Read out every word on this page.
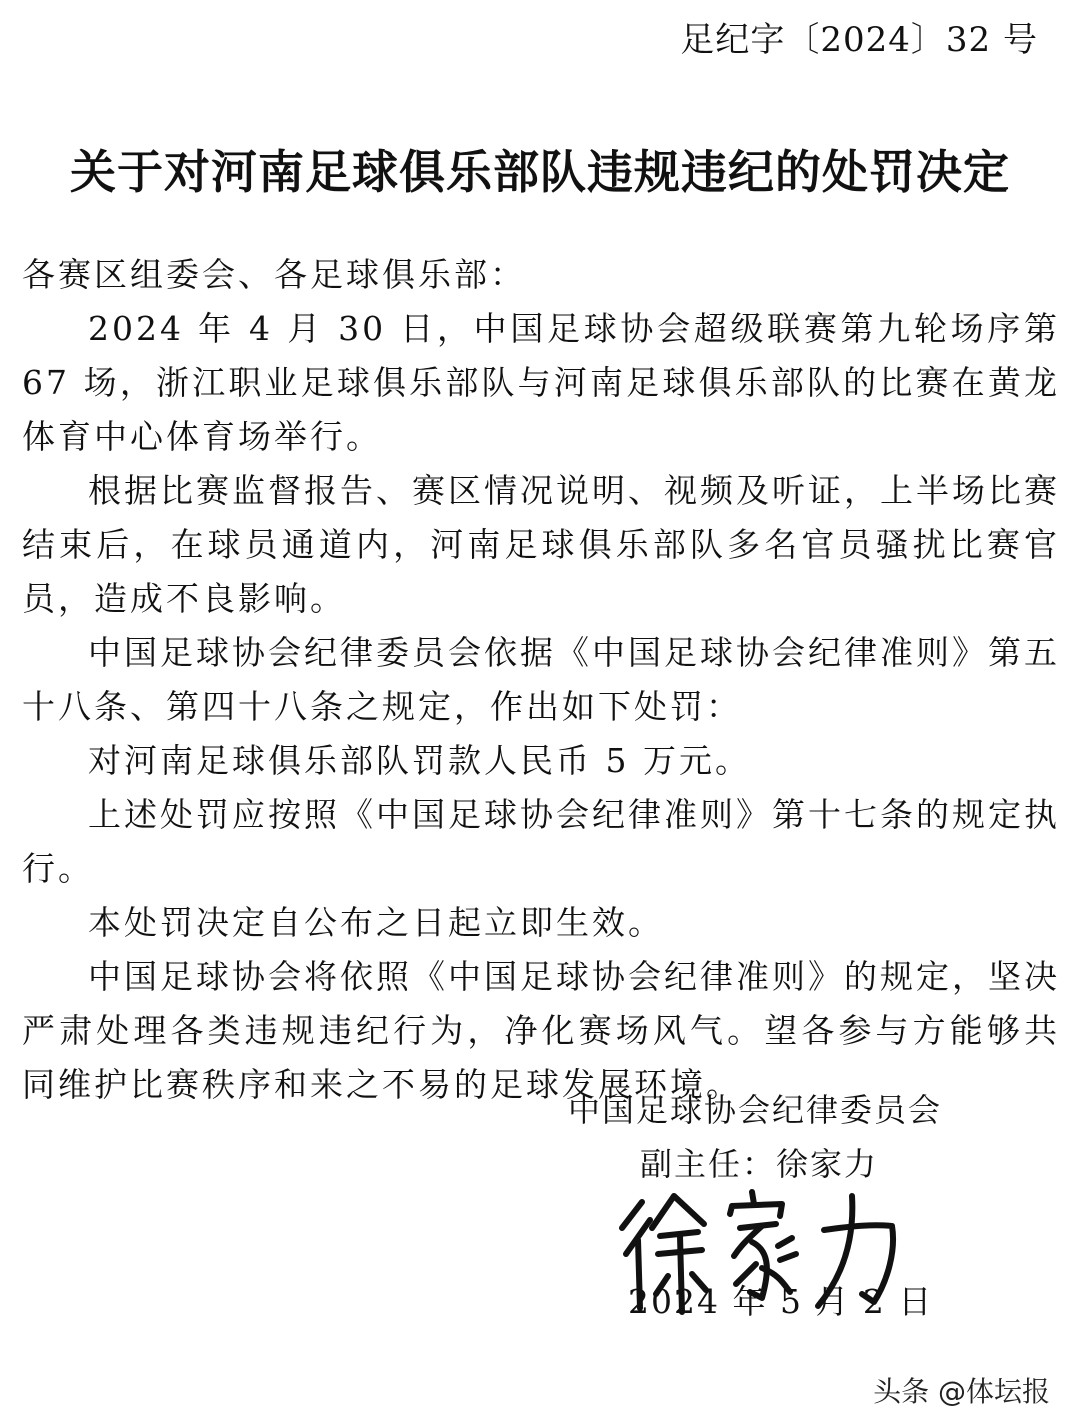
足纪字〔2024〕32 号
关于对河南足球俱乐部队违规违纪的处罚决定

各赛区组委会、各足球俱乐部：

2024 年 4 月 30 日，中国足球协会超级联赛第九轮场序第 67 场，浙江职业足球俱乐部队与河南足球俱乐部队的比赛在黄龙体育中心体育场举行。

根据比赛监督报告、赛区情况说明、视频及听证，上半场比赛结束后，在球员通道内，河南足球俱乐部队多名官员骚扰比赛官员，造成不良影响。

中国足球协会纪律委员会依据《中国足球协会纪律准则》第五十八条、第四十八条之规定，作出如下处罚：

对河南足球俱乐部队罚款人民币 5 万元。

上述处罚应按照《中国足球协会纪律准则》第十七条的规定执行。

本处罚决定自公布之日起立即生效。

中国足球协会将依照《中国足球协会纪律准则》的规定，坚决严肃处理各类违规违纪行为，净化赛场风气。望各参与方能够共同维护比赛秩序和来之不易的足球发展环境。

中国足球协会纪律委员会
副主任：徐家力
2024 年 5 月 2 日
头条 @体坛报
